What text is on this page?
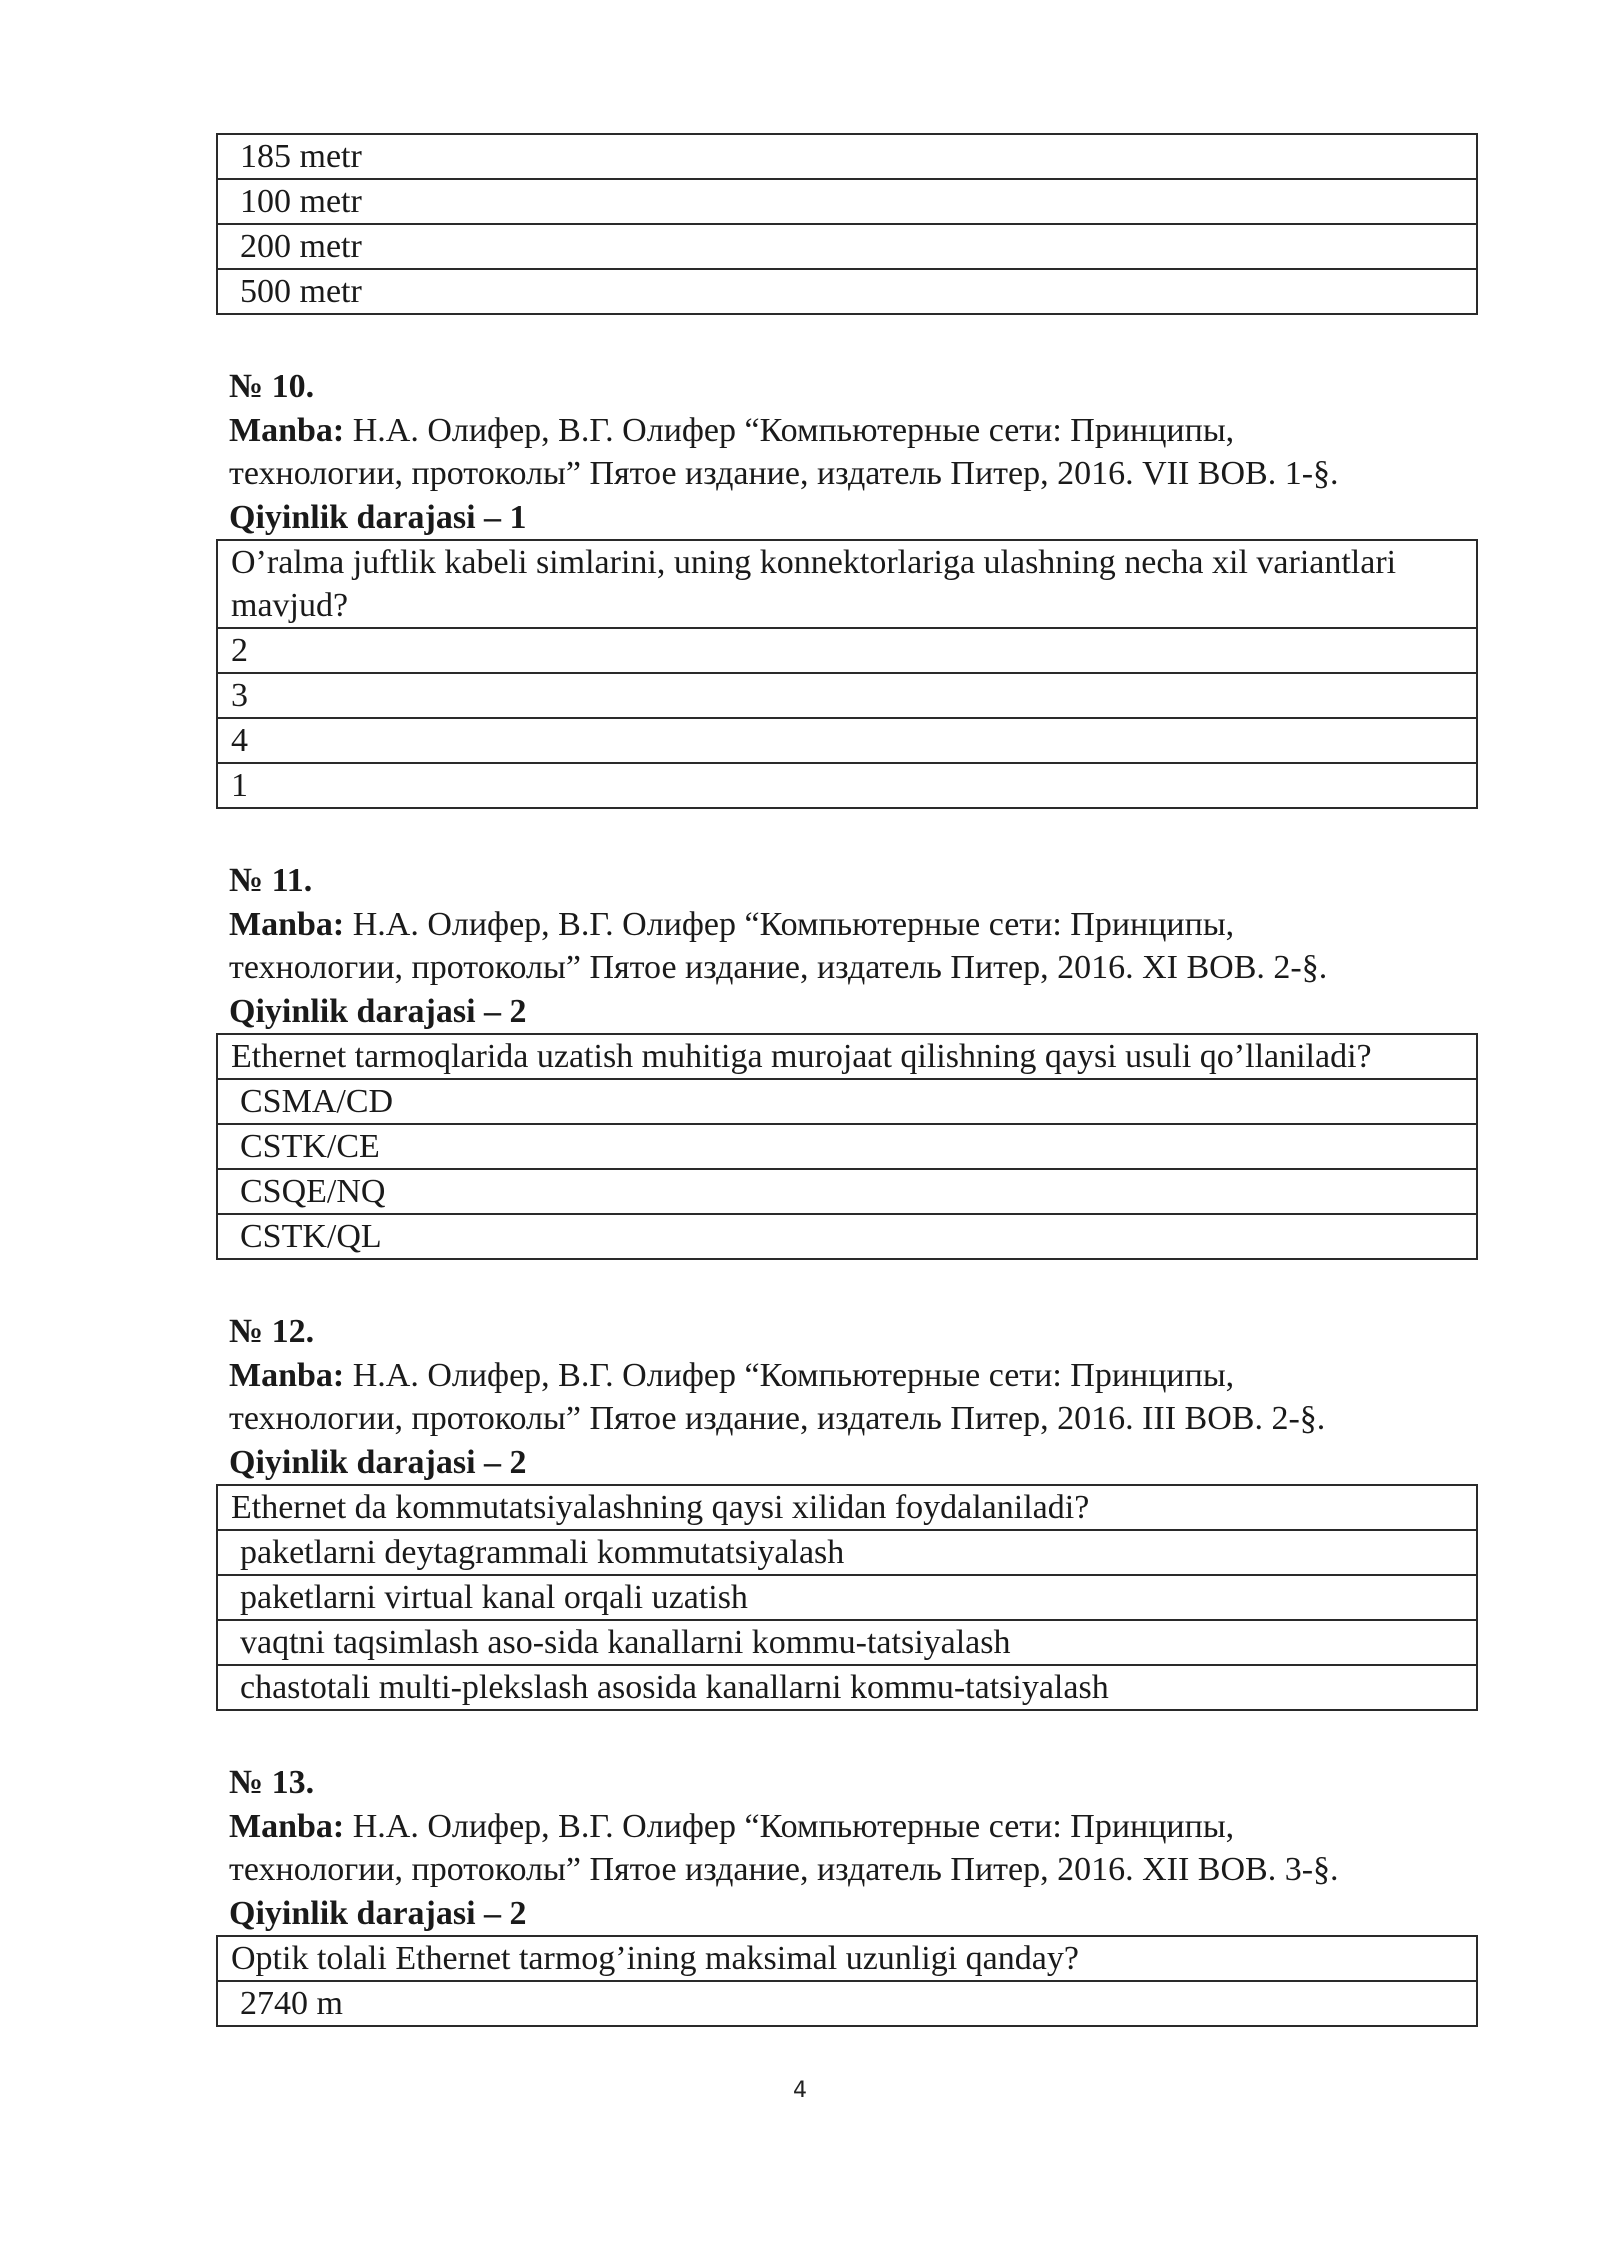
185 metr
100 metr
200 metr
500 metr

№ 10.

Manba: Н.А. Олифер, В.Г. Олифер “Компьютерные сети: Принципы,

технологии, протоколы” Пятое издание, издатель Питер, 2016. VII BOB. 1-§.

Qiyinlik darajasi – 1

O’ralma juftlik kabeli simlarini, uning konnektorlariga ulashning necha xil variantlari mavjud?
2
3
4
1

№ 11.

Manba: Н.А. Олифер, В.Г. Олифер “Компьютерные сети: Принципы,

технологии, протоколы” Пятое издание, издатель Питер, 2016. XI BOB. 2-§.

Qiyinlik darajasi – 2

Ethernet tarmoqlarida uzatish muhitiga murojaat qilishning qaysi usuli qo’llaniladi?
CSMA/CD
CSTK/CE
CSQE/NQ
CSTK/QL

№ 12.

Manba: Н.А. Олифер, В.Г. Олифер “Компьютерные сети: Принципы,

технологии, протоколы” Пятое издание, издатель Питер, 2016. III BOB. 2-§.

Qiyinlik darajasi – 2

Ethernet da kommutatsiyalashning qaysi xilidan foydalaniladi?
paketlarni deytagrammali kommutatsiyalash
paketlarni virtual kanal orqali uzatish
vaqtni taqsimlash aso-sida kanallarni kommu-tatsiyalash
chastotali multi-plekslash asosida kanallarni kommu-tatsiyalash

№ 13.

Manba: Н.А. Олифер, В.Г. Олифер “Компьютерные сети: Принципы,

технологии, протоколы” Пятое издание, издатель Питер, 2016. XII BOB. 3-§.

Qiyinlik darajasi – 2

Optik tolali Ethernet tarmog’ining maksimal uzunligi qanday?
2740 m
4
